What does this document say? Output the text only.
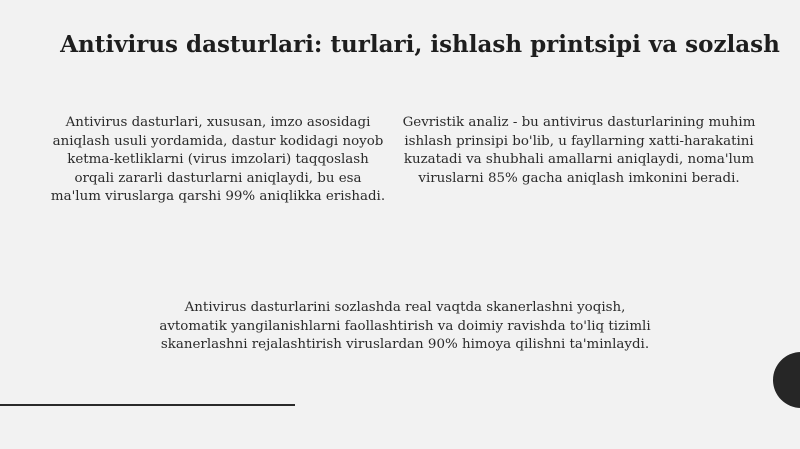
Antivirus dasturlari: turlari, ishlash printsipi va sozlash
Antivirus dasturlari, xususan, imzo asosidagi aniqlash usuli yordamida, dastur kodidagi noyob ketma-ketliklarni (virus imzolari) taqqoslash orqali zararli dasturlarni aniqlaydi, bu esa ma'lum viruslarga qarshi 99% aniqlikka erishadi.
Gevristik analiz - bu antivirus dasturlarining muhim ishlash prinsipi bo'lib, u fayllarning xatti-harakatini kuzatadi va shubhali amallarni aniqlaydi, noma'lum viruslarni 85% gacha aniqlash imkonini beradi.
Antivirus dasturlarini sozlashda real vaqtda skanerlashni yoqish, avtomatik yangilanishlarni faollashtirish va doimiy ravishda to'liq tizimli skanerlashni rejalashtirish viruslardan 90% himoya qilishni ta'minlaydi.
